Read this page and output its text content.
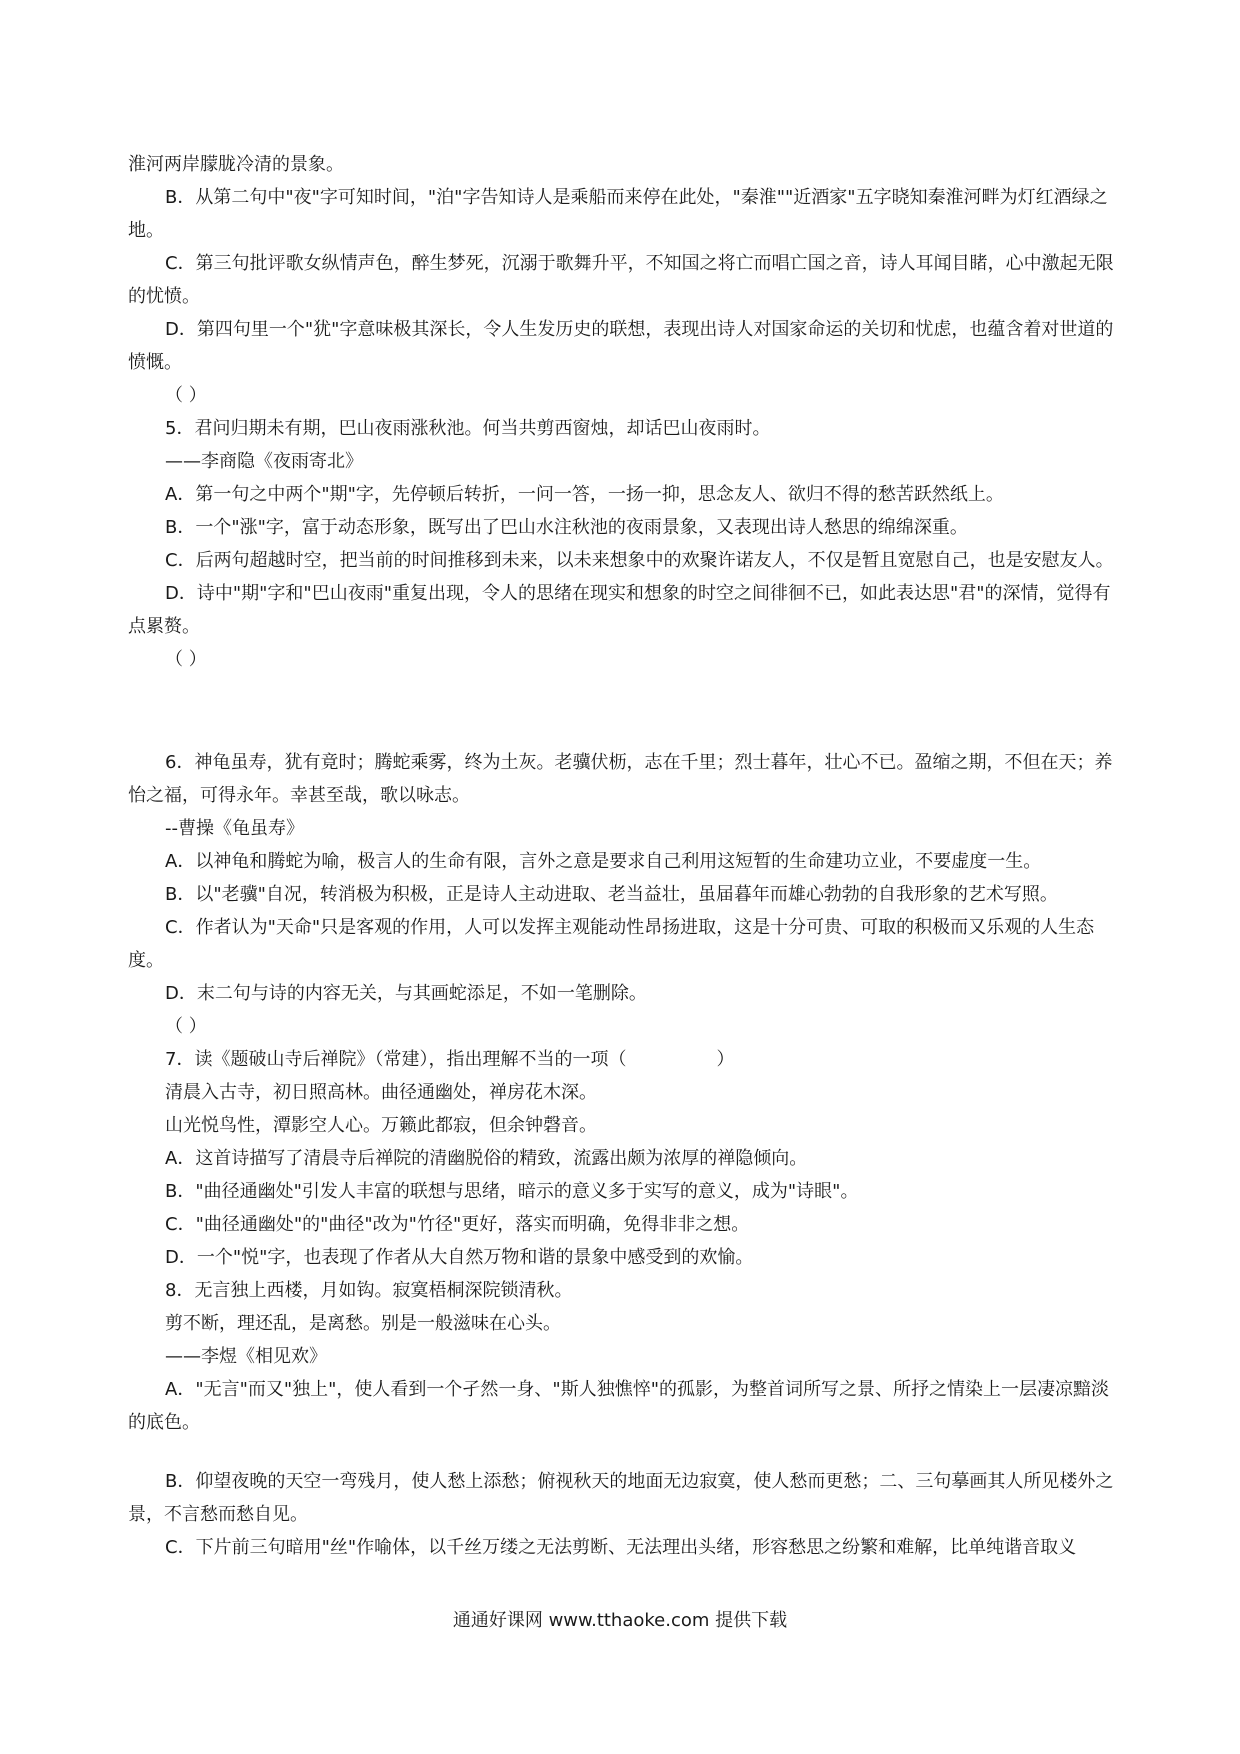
淮河两岸朦胧冷清的景象。
B．从第二句中"夜"字可知时间，"泊"字告知诗人是乘船而来停在此处，"秦淮""近酒家"五字晓知秦淮河畔为灯红酒绿之地。
C．第三句批评歌女纵情声色，醉生梦死，沉溺于歌舞升平，不知国之将亡而唱亡国之音，诗人耳闻目睹，心中激起无限的忧愤。
D．第四句里一个"犹"字意味极其深长，令人生发历史的联想，表现出诗人对国家命运的关切和忧虑，也蕴含着对世道的愤慨。
（ ）
5．君问归期未有期，巴山夜雨涨秋池。何当共剪西窗烛，却话巴山夜雨时。
——李商隐《夜雨寄北》
A．第一句之中两个"期"字，先停顿后转折，一问一答，一扬一抑，思念友人、欲归不得的愁苦跃然纸上。
B．一个"涨"字，富于动态形象，既写出了巴山水注秋池的夜雨景象，又表现出诗人愁思的绵绵深重。
C．后两句超越时空，把当前的时间推移到未来，以未来想象中的欢聚许诺友人，不仅是暂且宽慰自己，也是安慰友人。
D．诗中"期"字和"巴山夜雨"重复出现，令人的思绪在现实和想象的时空之间徘徊不已，如此表达思"君"的深情，觉得有点累赘。
（ ）
6．神龟虽寿，犹有竟时；腾蛇乘雾，终为土灰。老骥伏枥，志在千里；烈士暮年，壮心不已。盈缩之期，不但在天；养怡之福，可得永年。幸甚至哉，歌以咏志。
--曹操《龟虽寿》
A．以神龟和腾蛇为喻，极言人的生命有限，言外之意是要求自己利用这短暂的生命建功立业，不要虚度一生。
B．以"老骥"自况，转消极为积极，正是诗人主动进取、老当益壮，虽届暮年而雄心勃勃的自我形象的艺术写照。
C．作者认为"天命"只是客观的作用，人可以发挥主观能动性昂扬进取，这是十分可贵、可取的积极而又乐观的人生态度。
D．末二句与诗的内容无关，与其画蛇添足，不如一笔删除。
（ ）
7．读《题破山寺后禅院》（常建），指出理解不当的一项（　　　　　）
清晨入古寺，初日照高林。曲径通幽处，禅房花木深。
山光悦鸟性，潭影空人心。万籁此都寂，但余钟磬音。
A．这首诗描写了清晨寺后禅院的清幽脱俗的精致，流露出颇为浓厚的禅隐倾向。
B．"曲径通幽处"引发人丰富的联想与思绪，暗示的意义多于实写的意义，成为"诗眼"。
C．"曲径通幽处"的"曲径"改为"竹径"更好，落实而明确，免得非非之想。
D．一个"悦"字，也表现了作者从大自然万物和谐的景象中感受到的欢愉。
8．无言独上西楼，月如钩。寂寞梧桐深院锁清秋。
剪不断，理还乱，是离愁。别是一般滋味在心头。
——李煜《相见欢》
A．"无言"而又"独上"，使人看到一个孑然一身、"斯人独憔悴"的孤影，为整首词所写之景、所抒之情染上一层凄凉黯淡的底色。
B．仰望夜晚的天空一弯残月，使人愁上添愁；俯视秋天的地面无边寂寞，使人愁而更愁；二、三句摹画其人所见楼外之景，不言愁而愁自见。
C．下片前三句暗用"丝"作喻体，以千丝万缕之无法剪断、无法理出头绪，形容愁思之纷繁和难解，比单纯谐音取义
通通好课网 www.tthaoke.com 提供下载
